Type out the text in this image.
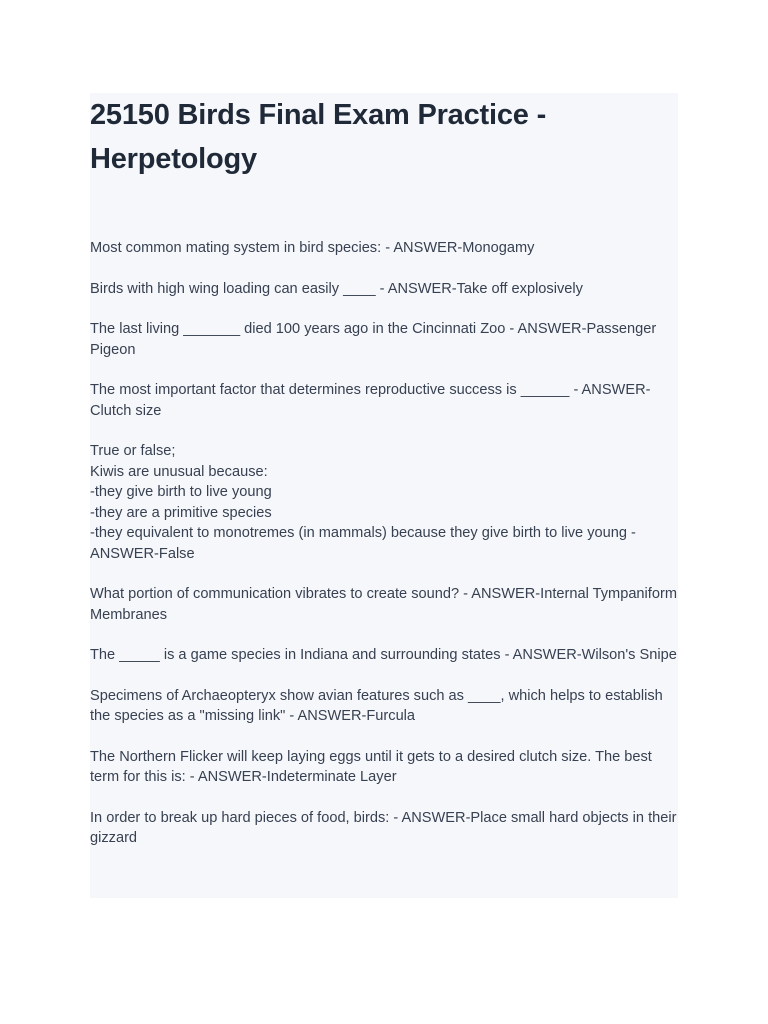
25150 Birds Final Exam Practice - Herpetology

Most common mating system in bird species: - ANSWER-Monogamy

Birds with high wing loading can easily ____ - ANSWER-Take off explosively

The last living _______ died 100 years ago in the Cincinnati Zoo - ANSWER-Passenger Pigeon

The most important factor that determines reproductive success is ______ - ANSWER-Clutch size

True or false;
Kiwis are unusual because:
-they give birth to live young
-they are a primitive species
-they equivalent to monotremes (in mammals) because they give birth to live young - ANSWER-False

What portion of communication vibrates to create sound? - ANSWER-Internal Tympaniform Membranes

The _____ is a game species in Indiana and surrounding states - ANSWER-Wilson's Snipe

Specimens of Archaeopteryx show avian features such as ____, which helps to establish the species as a "missing link" - ANSWER-Furcula

The Northern Flicker will keep laying eggs until it gets to a desired clutch size. The best term for this is: - ANSWER-Indeterminate Layer

In order to break up hard pieces of food, birds: - ANSWER-Place small hard objects in their gizzard
